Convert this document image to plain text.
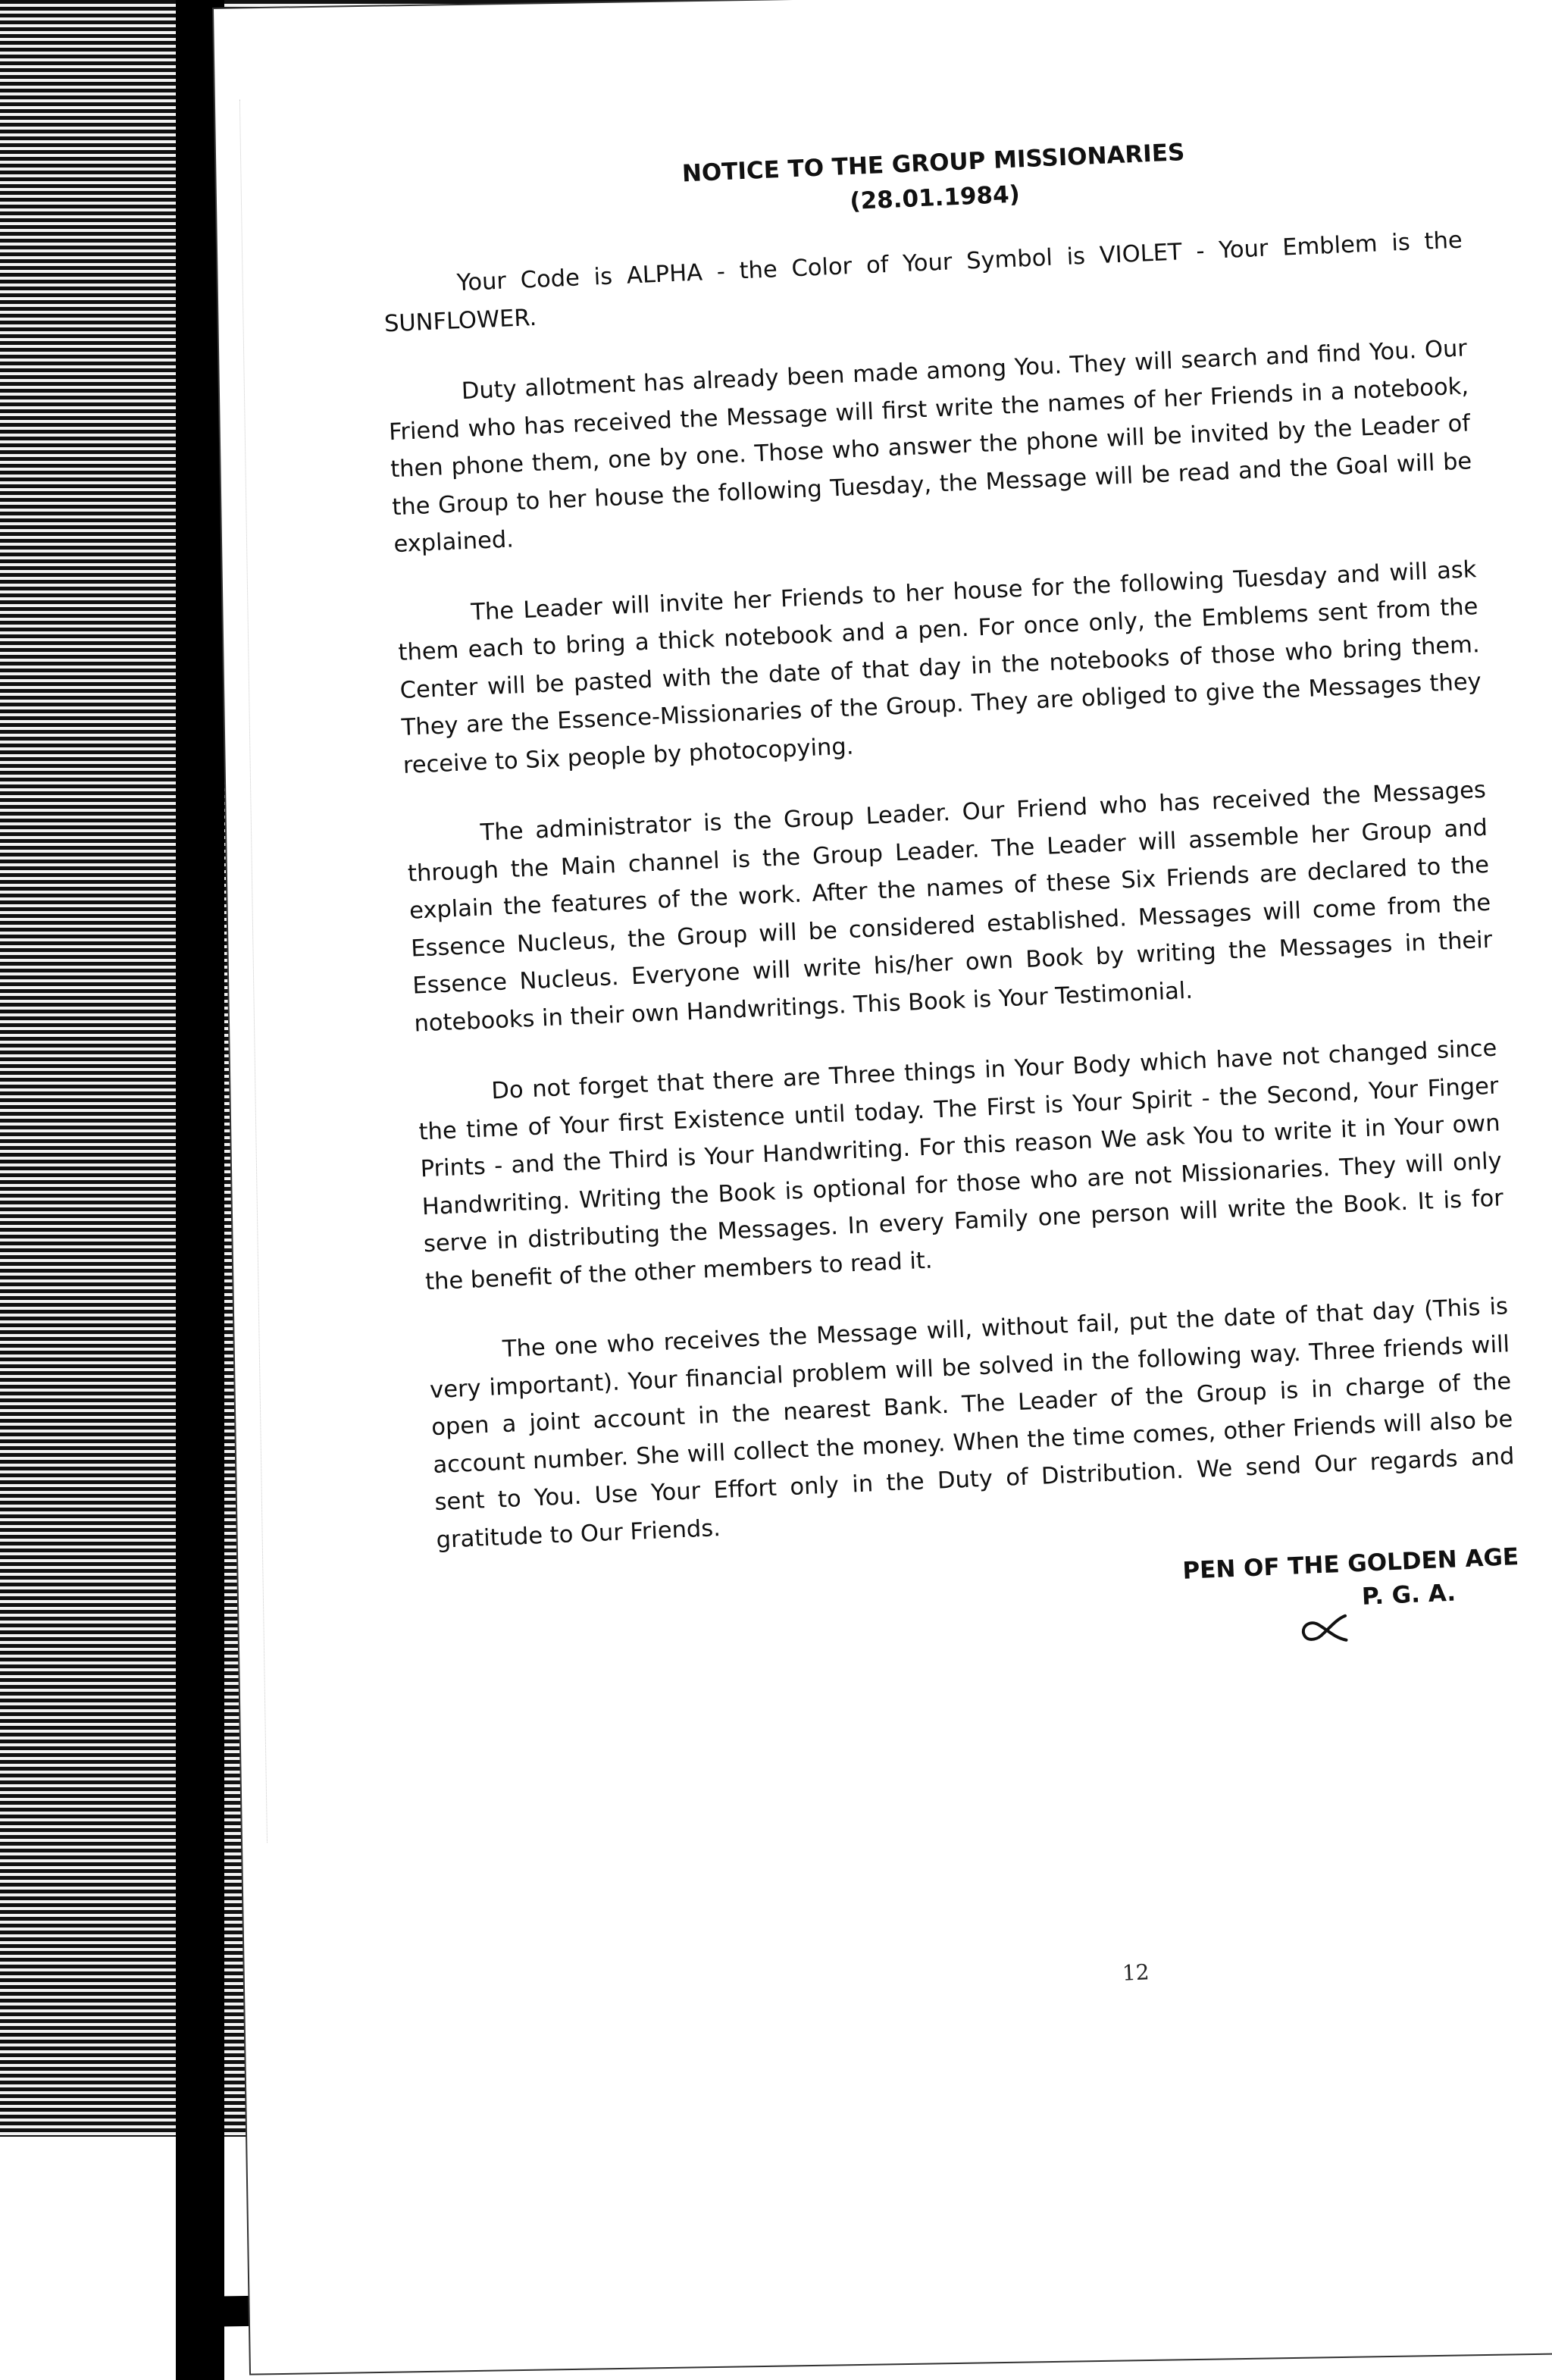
NOTICE TO THE GROUP MISSIONARIES
(28.01.1984)

Your Code is ALPHA - the Color of Your Symbol is VIOLET - Your Emblem is the SUNFLOWER.

Duty allotment has already been made among You. They will search and find You. Our Friend who has received the Message will first write the names of her Friends in a notebook, then phone them, one by one. Those who answer the phone will be invited by the Leader of the Group to her house the following Tuesday, the Message will be read and the Goal will be explained.

The Leader will invite her Friends to her house for the following Tuesday and will ask them each to bring a thick notebook and a pen. For once only, the Emblems sent from the Center will be pasted with the date of that day in the notebooks of those who bring them. They are the Essence-Missionaries of the Group. They are obliged to give the Messages they receive to Six people by photocopying.

The administrator is the Group Leader. Our Friend who has received the Messages through the Main channel is the Group Leader. The Leader will assemble her Group and explain the features of the work. After the names of these Six Friends are declared to the Essence Nucleus, the Group will be considered established. Messages will come from the Essence Nucleus. Everyone will write his/her own Book by writing the Messages in their notebooks in their own Handwritings. This Book is Your Testimonial.

Do not forget that there are Three things in Your Body which have not changed since the time of Your first Existence until today. The First is Your Spirit - the Second, Your Finger Prints - and the Third is Your Handwriting. For this reason We ask You to write it in Your own Handwriting. Writing the Book is optional for those who are not Missionaries. They will only serve in distributing the Messages. In every Family one person will write the Book. It is for the benefit of the other members to read it.

The one who receives the Message will, without fail, put the date of that day (This is very important). Your financial problem will be solved in the following way. Three friends will open a joint account in the nearest Bank. The Leader of the Group is in charge of the account number. She will collect the money. When the time comes, other Friends will also be sent to You. Use Your Effort only in the Duty of Distribution. We send Our regards and gratitude to Our Friends.

PEN OF THE GOLDEN AGE
P. G. A.
12
